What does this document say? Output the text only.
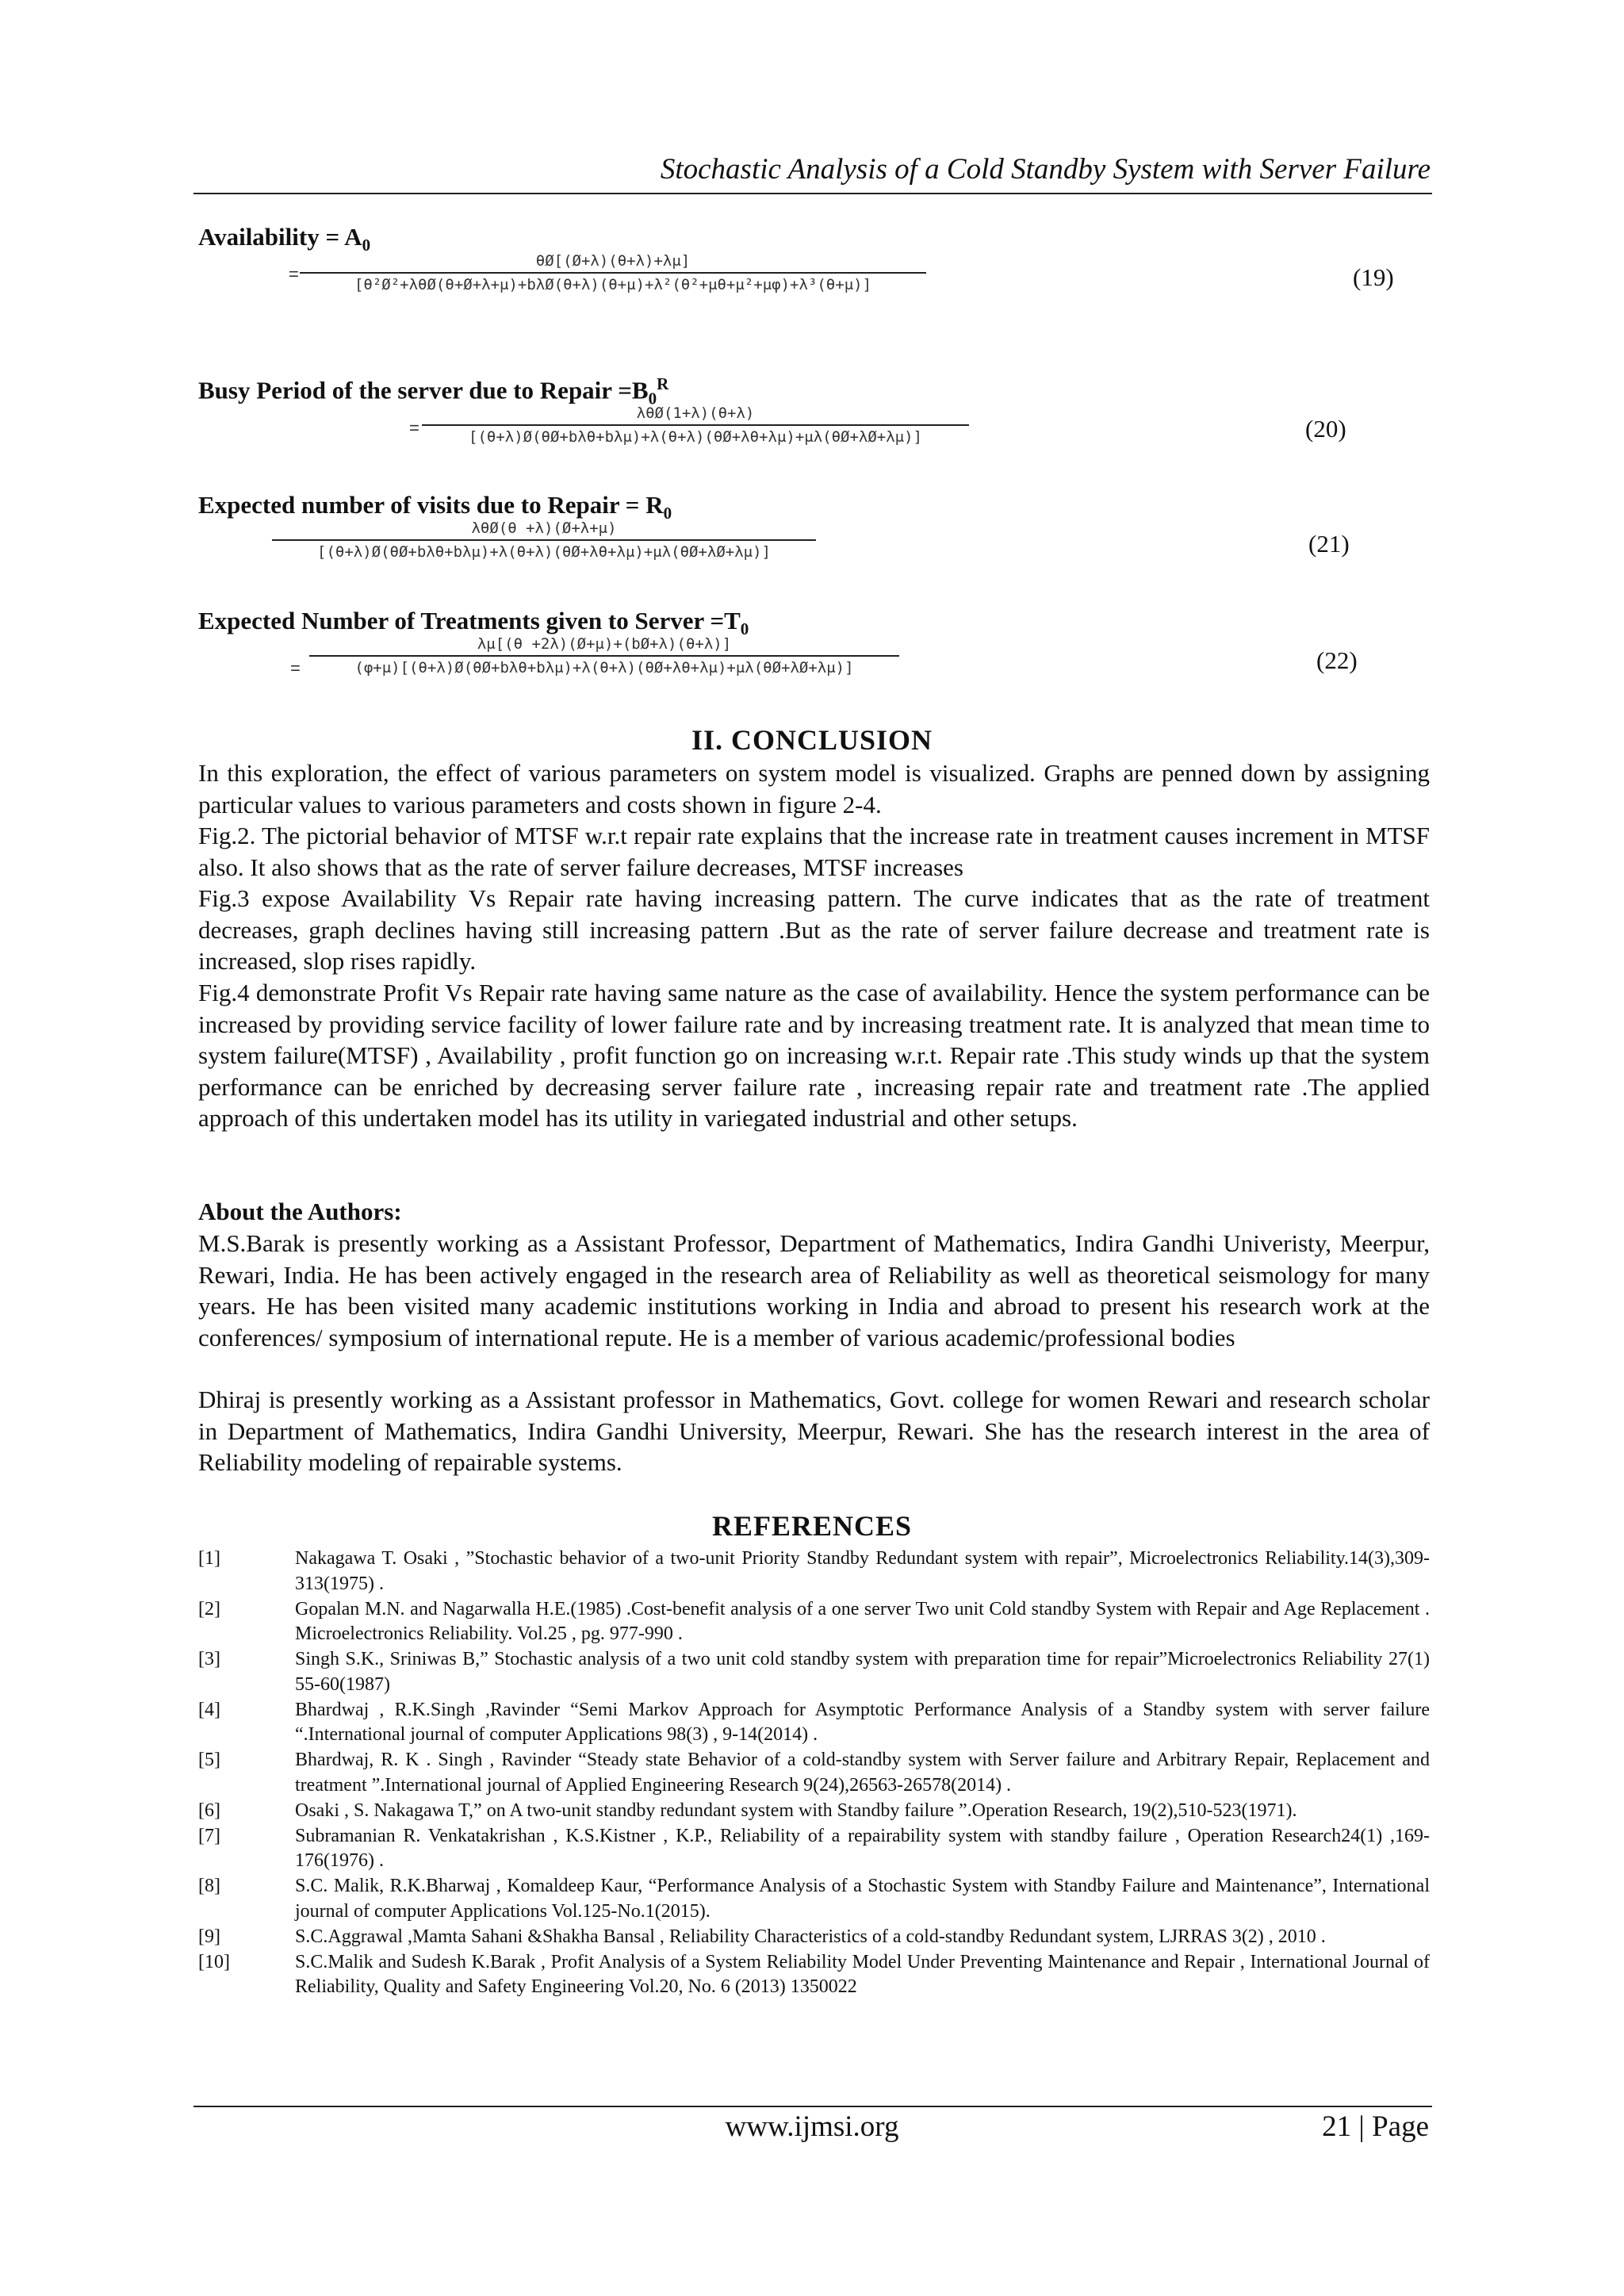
Stochastic Analysis of a Cold Standby System with Server Failure
Availability = $A_0$
=
θØ[(Ø+λ)(θ+λ)+λμ]
[θ²Ø²+λθØ(θ+Ø+λ+μ)+bλØ(θ+λ)(θ+μ)+λ²(θ²+μθ+μ²+μφ)+λ³(θ+μ)]	(19)
Busy Period of the server due to Repair $=B_0^R$
=
λθØ(1+λ)(θ+λ)
[(θ+λ)Ø(θØ+bλθ+bλμ)+λ(θ+λ)(θØ+λθ+λμ)+μλ(θØ+λØ+λμ)]	(20)
Expected number of visits due to Repair = $R_0$
λθØ(θ +λ)(Ø+λ+μ)
[(θ+λ)Ø(θØ+bλθ+bλμ)+λ(θ+λ)(θØ+λθ+λμ)+μλ(θØ+λØ+λμ)]	(21)
Expected Number of Treatments given to Server $=T_0$
=
λμ[(θ +2λ)(Ø+μ)+(bØ+λ)(θ+λ)]
(φ+μ)[(θ+λ)Ø(θØ+bλθ+bλμ)+λ(θ+λ)(θØ+λθ+λμ)+μλ(θØ+λØ+λμ)]	(22)
II. CONCLUSION

In this exploration, the effect of various parameters on system model is visualized. Graphs are penned down by assigning particular values to various parameters and costs shown in figure 2-4.

Fig.2. The pictorial behavior of MTSF w.r.t repair rate explains that the increase rate in treatment causes increment in MTSF also. It also shows that as the rate of server failure decreases, MTSF increases

Fig.3 expose Availability Vs Repair rate having increasing pattern. The curve indicates that as the rate of treatment decreases, graph declines having still increasing pattern .But as the rate of server failure decrease and treatment rate is increased, slop rises rapidly.

Fig.4 demonstrate Profit Vs Repair rate having same nature as the case of availability. Hence the system performance can be increased by providing service facility of lower failure rate and by increasing treatment rate. It is analyzed that mean time to system failure(MTSF) , Availability , profit function go on increasing w.r.t. Repair rate .This study winds up that the system performance can be enriched by decreasing server failure rate , increasing repair rate and treatment rate .The applied approach of this undertaken model has its utility in variegated industrial and other setups.

About the Authors:

M.S.Barak is presently working as a Assistant Professor, Department of Mathematics, Indira Gandhi Univeristy, Meerpur, Rewari, India. He has been actively engaged in the research area of Reliability as well as theoretical seismology for many years. He has been visited many academic institutions working in India and abroad to present his research work at the conferences/ symposium of international repute. He is a member of various academic/professional bodies

Dhiraj is presently working as a Assistant professor in Mathematics, Govt. college for women Rewari and research scholar in Department of Mathematics, Indira Gandhi University, Meerpur, Rewari. She has the research interest in the area of Reliability modeling of repairable systems.

REFERENCES
[1]	Nakagawa T. Osaki , ”Stochastic behavior of a two-unit Priority Standby Redundant system with repair”, Microelectronics Reliability.14(3),309-313(1975) .
[2]	Gopalan M.N. and Nagarwalla H.E.(1985) .Cost-benefit analysis of a one server Two unit Cold standby System with Repair and Age Replacement . Microelectronics Reliability. Vol.25 , pg. 977-990 .
[3]	Singh S.K., Sriniwas B,” Stochastic analysis of a two unit cold standby system with preparation time for repair”Microelectronics Reliability 27(1) 55-60(1987)
[4]	Bhardwaj , R.K.Singh ,Ravinder “Semi Markov Approach for Asymptotic Performance Analysis of a Standby system with server failure “.International journal of computer Applications 98(3) , 9-14(2014) .
[5]	Bhardwaj, R. K . Singh , Ravinder “Steady state Behavior of a cold-standby system with Server failure and Arbitrary Repair, Replacement and treatment ”.International journal of Applied Engineering Research 9(24),26563-26578(2014) .
[6]	Osaki , S. Nakagawa T,” on A two-unit standby redundant system with Standby failure ”.Operation Research, 19(2),510-523(1971).
[7]	Subramanian R. Venkatakrishan , K.S.Kistner , K.P., Reliability of a repairability system with standby failure , Operation Research24(1) ,169-176(1976) .
[8]	S.C. Malik, R.K.Bharwaj , Komaldeep Kaur, “Performance Analysis of a Stochastic System with Standby Failure and Maintenance”, International journal of computer Applications Vol.125-No.1(2015).
[9]	S.C.Aggrawal ,Mamta Sahani &Shakha Bansal , Reliability Characteristics of a cold-standby Redundant system, LJRRAS 3(2) , 2010 .
[10]	S.C.Malik and Sudesh K.Barak , Profit Analysis of a System Reliability Model Under Preventing Maintenance and Repair , International Journal of Reliability, Quality and Safety Engineering Vol.20, No. 6 (2013) 1350022
www.ijmsi.org	21 | Page
